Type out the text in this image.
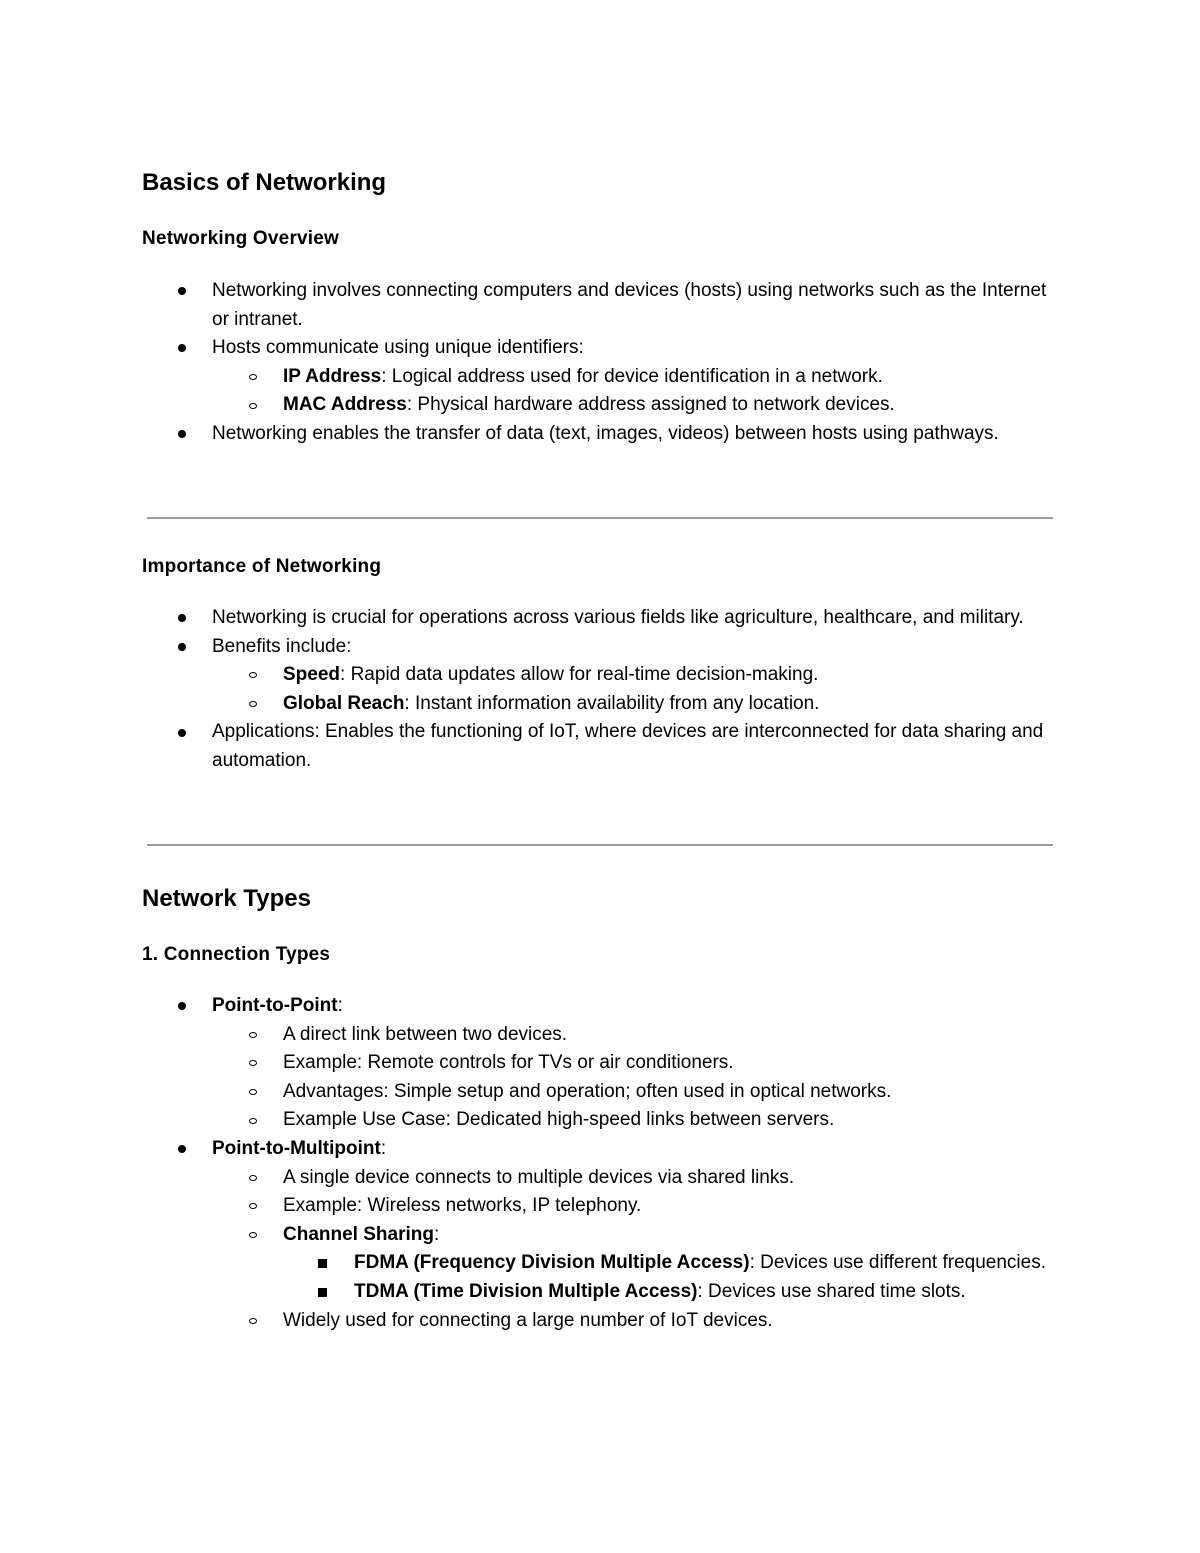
Basics of Networking
Networking Overview
Networking involves connecting computers and devices (hosts) using networks such as the Internet or intranet.
Hosts communicate using unique identifiers:
IP Address: Logical address used for device identification in a network.
MAC Address: Physical hardware address assigned to network devices.
Networking enables the transfer of data (text, images, videos) between hosts using pathways.
Importance of Networking
Networking is crucial for operations across various fields like agriculture, healthcare, and military.
Benefits include:
Speed: Rapid data updates allow for real-time decision-making.
Global Reach: Instant information availability from any location.
Applications: Enables the functioning of IoT, where devices are interconnected for data sharing and automation.
Network Types
1. Connection Types
Point-to-Point:
A direct link between two devices.
Example: Remote controls for TVs or air conditioners.
Advantages: Simple setup and operation; often used in optical networks.
Example Use Case: Dedicated high-speed links between servers.
Point-to-Multipoint:
A single device connects to multiple devices via shared links.
Example: Wireless networks, IP telephony.
Channel Sharing:
FDMA (Frequency Division Multiple Access): Devices use different frequencies.
TDMA (Time Division Multiple Access): Devices use shared time slots.
Widely used for connecting a large number of IoT devices.
